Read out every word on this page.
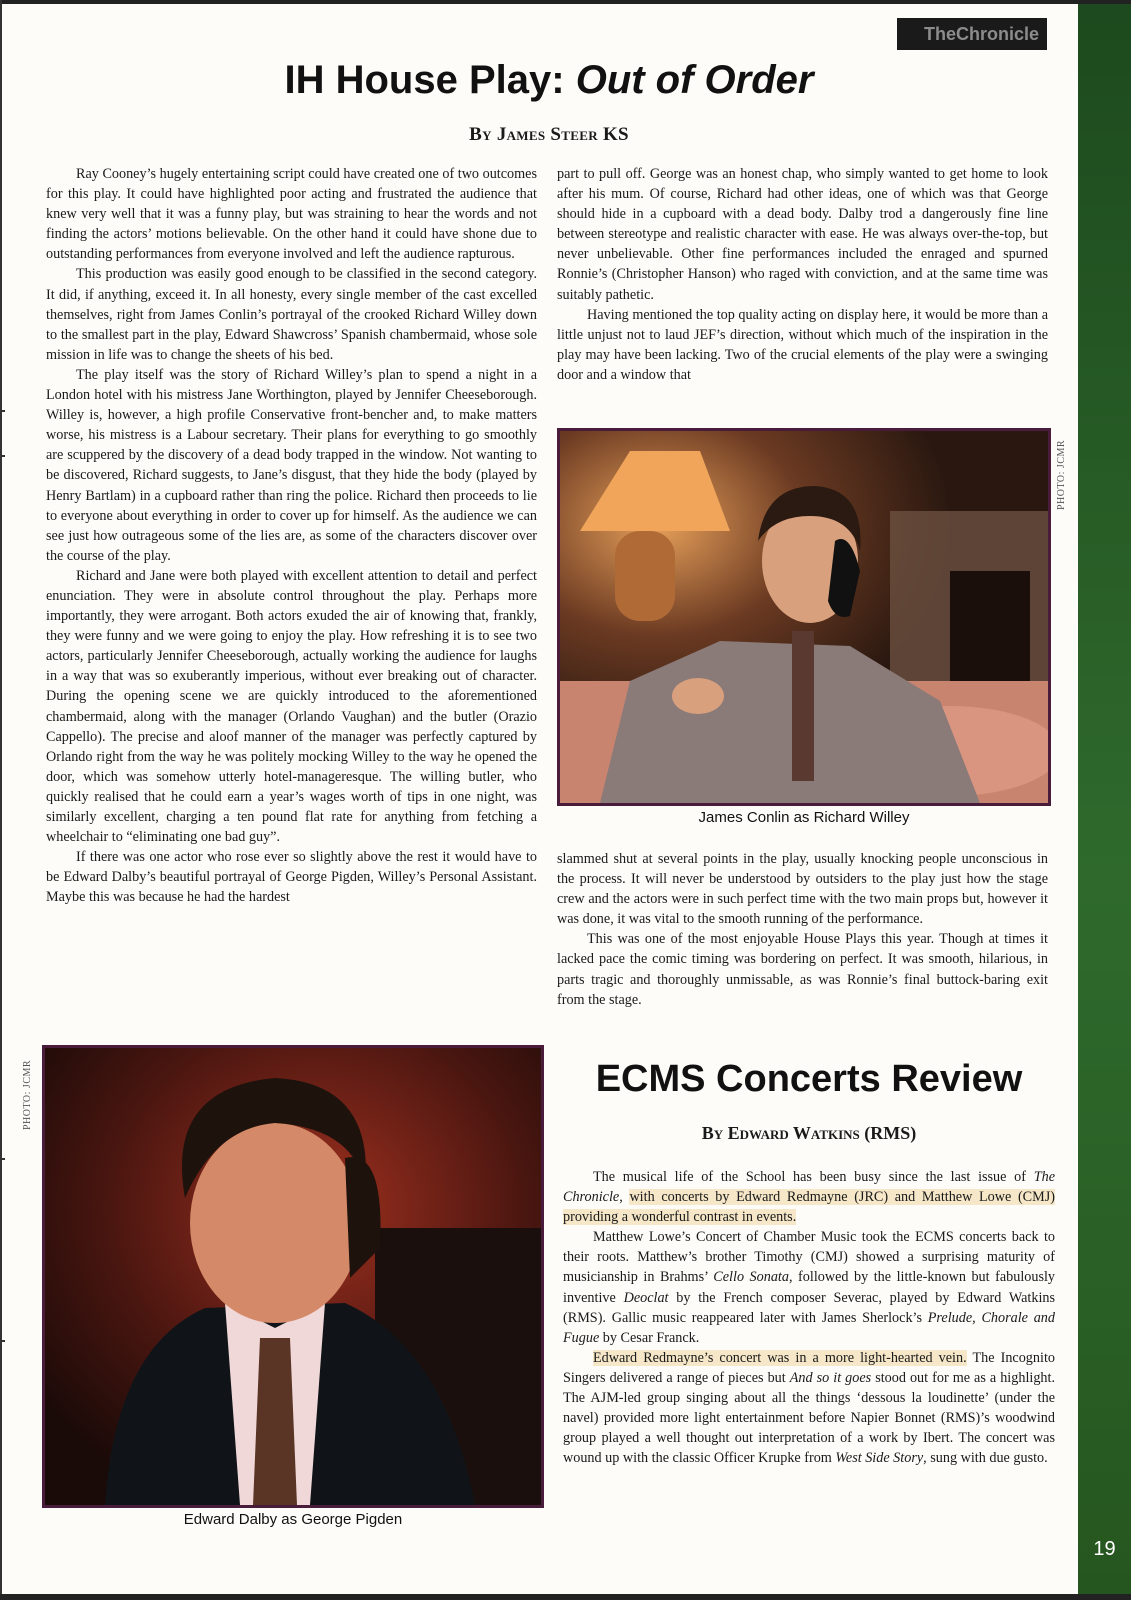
19
TheChronicle
IH House Play: Out of Order

By James Steer KS

Ray Cooney’s hugely entertaining script could have created one of two outcomes for this play. It could have highlighted poor acting and frustrated the audience that knew very well that it was a funny play, but was straining to hear the words and not finding the actors’ motions believable. On the other hand it could have shone due to outstanding performances from everyone involved and left the audience rapturous.

This production was easily good enough to be classified in the second category. It did, if anything, exceed it. In all honesty, every single member of the cast excelled themselves, right from James Conlin’s portrayal of the crooked Richard Willey down to the smallest part in the play, Edward Shawcross’ Spanish chambermaid, whose sole mission in life was to change the sheets of his bed.

The play itself was the story of Richard Willey’s plan to spend a night in a London hotel with his mistress Jane Worthington, played by Jennifer Cheeseborough. Willey is, however, a high profile Conservative front-bencher and, to make matters worse, his mistress is a Labour secretary. Their plans for everything to go smoothly are scuppered by the discovery of a dead body trapped in the window. Not wanting to be discovered, Richard suggests, to Jane’s disgust, that they hide the body (played by Henry Bartlam) in a cupboard rather than ring the police. Richard then proceeds to lie to everyone about everything in order to cover up for himself. As the audience we can see just how outrageous some of the lies are, as some of the characters discover over the course of the play.

Richard and Jane were both played with excellent attention to detail and perfect enunciation. They were in absolute control throughout the play. Perhaps more importantly, they were arrogant. Both actors exuded the air of knowing that, frankly, they were funny and we were going to enjoy the play. How refreshing it is to see two actors, particularly Jennifer Cheeseborough, actually working the audience for laughs in a way that was so exuberantly imperious, without ever breaking out of character. During the opening scene we are quickly introduced to the aforementioned chambermaid, along with the manager (Orlando Vaughan) and the butler (Orazio Cappello). The precise and aloof manner of the manager was perfectly captured by Orlando right from the way he was politely mocking Willey to the way he opened the door, which was somehow utterly hotel-manageresque. The willing butler, who quickly realised that he could earn a year’s wages worth of tips in one night, was similarly excellent, charging a ten pound flat rate for anything from fetching a wheelchair to “eliminating one bad guy”.

If there was one actor who rose ever so slightly above the rest it would have to be Edward Dalby’s beautiful portrayal of George Pigden, Willey’s Personal Assistant. Maybe this was because he had the hardest

part to pull off. George was an honest chap, who simply wanted to get home to look after his mum. Of course, Richard had other ideas, one of which was that George should hide in a cupboard with a dead body. Dalby trod a dangerously fine line between stereotype and realistic character with ease. He was always over-the-top, but never unbelievable. Other fine performances included the enraged and spurned Ronnie’s (Christopher Hanson) who raged with conviction, and at the same time was suitably pathetic.

Having mentioned the top quality acting on display here, it would be more than a little unjust not to laud JEF’s direction, without which much of the inspiration in the play may have been lacking. Two of the crucial elements of the play were a swinging door and a window that

PHOTO: JCMR
James Conlin as Richard Willey

slammed shut at several points in the play, usually knocking people unconscious in the process. It will never be understood by outsiders to the play just how the stage crew and the actors were in such perfect time with the two main props but, however it was done, it was vital to the smooth running of the performance.

This was one of the most enjoyable House Plays this year. Though at times it lacked pace the comic timing was bordering on perfect. It was smooth, hilarious, in parts tragic and thoroughly unmissable, as was Ronnie’s final buttock-baring exit from the stage.

PHOTO: JCMR
Edward Dalby as George Pigden
ECMS Concerts Review

By Edward Watkins (RMS)

The musical life of the School has been busy since the last issue of The Chronicle, with concerts by Edward Redmayne (JRC) and Matthew Lowe (CMJ) providing a wonderful contrast in events.

Matthew Lowe’s Concert of Chamber Music took the ECMS concerts back to their roots. Matthew’s brother Timothy (CMJ) showed a surprising maturity of musicianship in Brahms’ Cello Sonata, followed by the little-known but fabulously inventive Deoclat by the French composer Severac, played by Edward Watkins (RMS). Gallic music reappeared later with James Sherlock’s Prelude, Chorale and Fugue by Cesar Franck.

Edward Redmayne’s concert was in a more light-hearted vein. The Incognito Singers delivered a range of pieces but And so it goes stood out for me as a highlight. The AJM-led group singing about all the things ‘dessous la loudinette’ (under the navel) provided more light entertainment before Napier Bonnet (RMS)’s woodwind group played a well thought out interpretation of a work by Ibert. The concert was wound up with the classic Officer Krupke from West Side Story, sung with due gusto.
